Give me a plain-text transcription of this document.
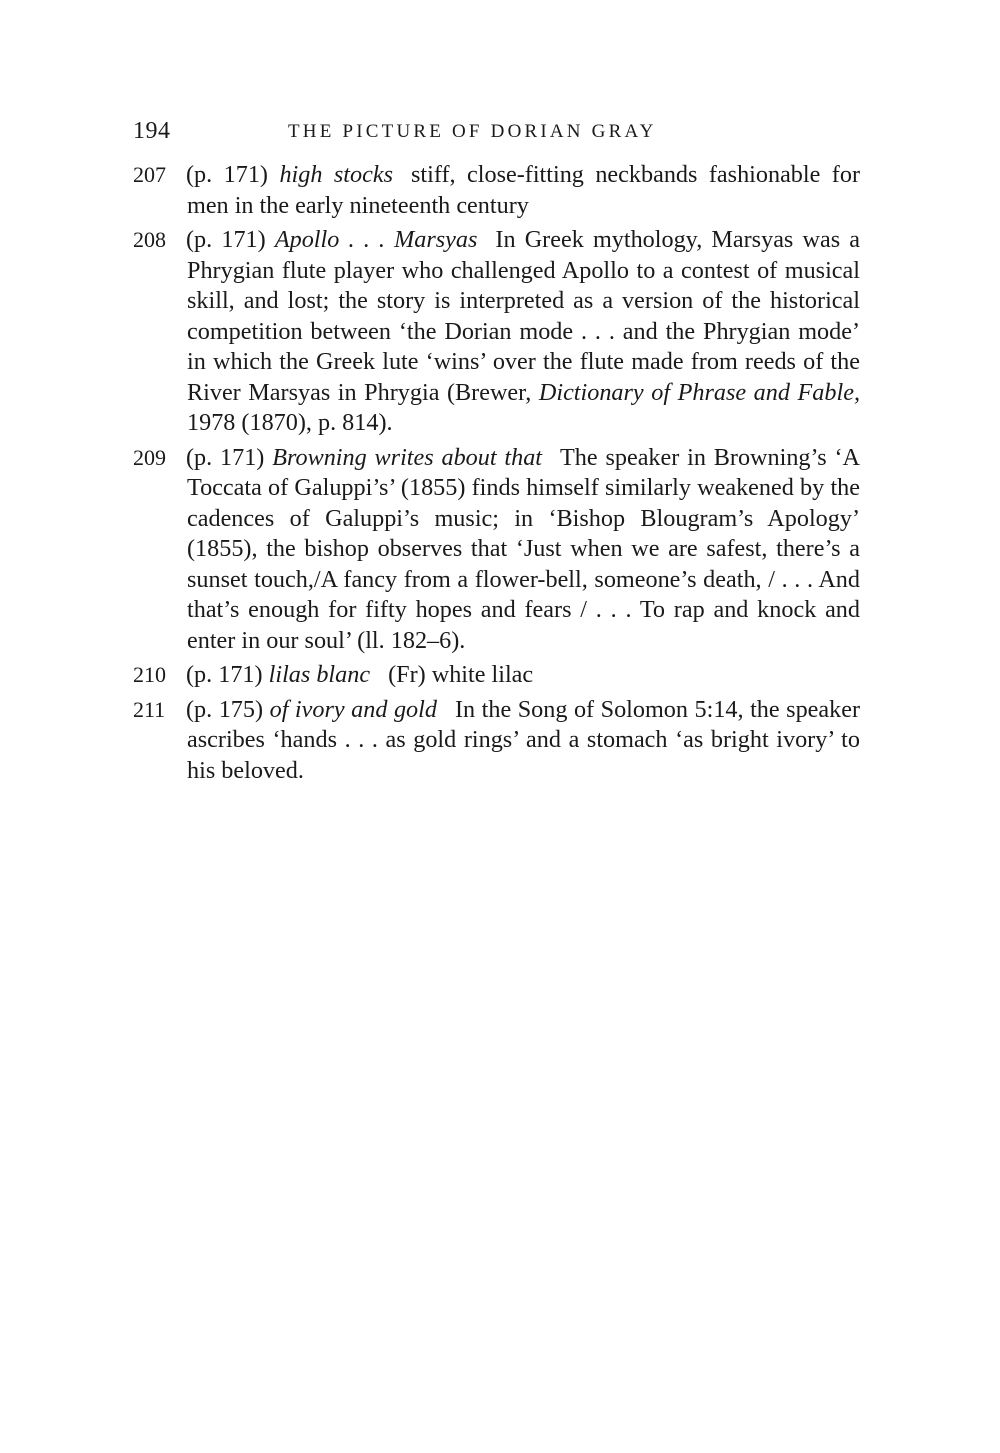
194	THE PICTURE OF DORIAN GRAY
207 (p. 171) high stocks stiff, close-fitting neckbands fashionable for men in the early nineteenth century
208 (p. 171) Apollo . . . Marsyas In Greek mythology, Marsyas was a Phrygian flute player who challenged Apollo to a contest of musical skill, and lost; the story is interpreted as a version of the historical competition between ‘the Dorian mode . . . and the Phrygian mode’ in which the Greek lute ‘wins’ over the flute made from reeds of the River Marsyas in Phrygia (Brewer, Dictionary of Phrase and Fable, 1978 (1870), p. 814).
209 (p. 171) Browning writes about that The speaker in Browning’s ‘A Toccata of Galuppi’s’ (1855) finds himself similarly weakened by the cadences of Galuppi’s music; in ‘Bishop Blougram’s Apology’ (1855), the bishop observes that ‘Just when we are safest, there’s a sunset touch,/A fancy from a flower-bell, someone’s death, / . . . And that’s enough for fifty hopes and fears / . . . To rap and knock and enter in our soul’ (ll. 182–6).
210 (p. 171) lilas blanc (Fr) white lilac
211 (p. 175) of ivory and gold In the Song of Solomon 5:14, the speaker ascribes ‘hands . . . as gold rings’ and a stomach ‘as bright ivory’ to his beloved.
